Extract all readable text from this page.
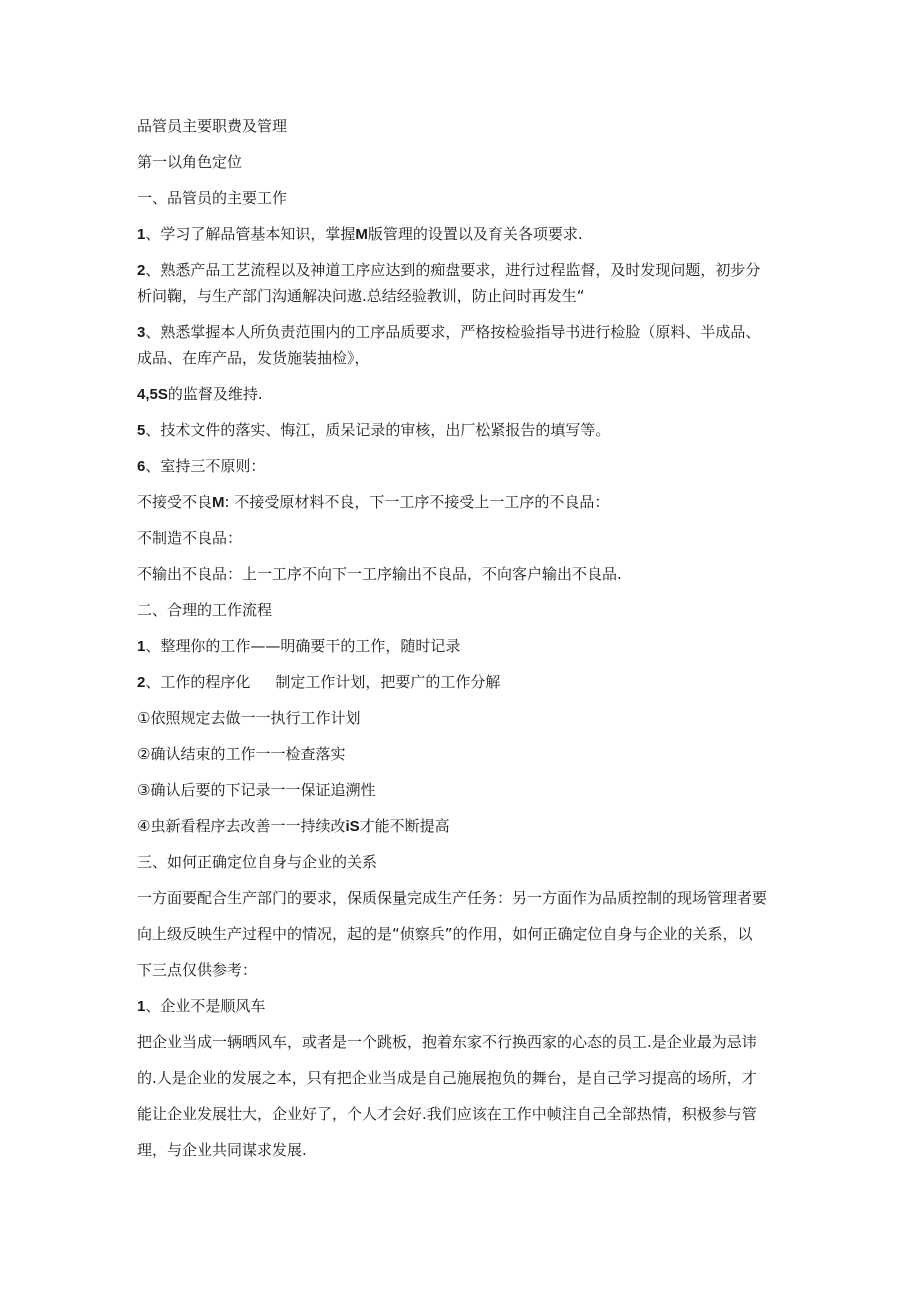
品管员主要职费及管理
第一以角色定位
一、品管员的主要工作
1、学习了解品管基本知识，掌握M版管理的设置以及育关各项要求.
2、熟悉产品工艺流程以及神道工序应达到的痴盘要求，进行过程监督，及时发现问题，初步分
析问鞠，与生产部门沟通解决问遨.总结经验教训，防止问时再发生“
3、熟悉掌握本人所负责范围内的工序品质要求，严格按检验指导书进行检脸（原料、半成品、
成品、在库产品，发货施装抽检》，
4,5S的监督及维持.
5、技术文件的落实、悔江，质呆记录的审核，出厂松紧报告的填写等。
6、室持三不原则：
不接受不良M: 不接受原材料不良，下一工序不接受上一工序的不良品：
不制造不良品：
不输出不良品：上一工序不向下一工序输出不良品，不向客户输出不良品.
二、合理的工作流程
1、整理你的工作——明确要干的工作，随时记录
2、工作的程序化 制定工作计划，把要广的工作分解
①依照规定去做一一执行工作计划
②确认结束的工作一一检查落实
③确认后要的下记录一一保证追溯性
④虫新看程序去改善一一持续改iS才能不断提高
三、如何正确定位自身与企业的关系
一方面要配合生产部门的要求，保质保量完成生产任务：另一方面作为品质控制的现场管理者要
向上级反映生产过程中的情况，起的是“侦察兵”的作用，如何正确定位自身与企业的关系，以
下三点仅供参考：
1、企业不是顺风车
把企业当成一辆晒风车，或者是一个跳板，抱着东家不行换西家的心态的员工.是企业最为忌讳
的.人是企业的发展之本，只有把企业当成是自己施展抱负的舞台，是自己学习提高的场所，才
能让企业发展壮大，企业好了，个人才会好.我们应该在工作中帧注自己全部热情，积极参与管
理，与企业共同谋求发展.
